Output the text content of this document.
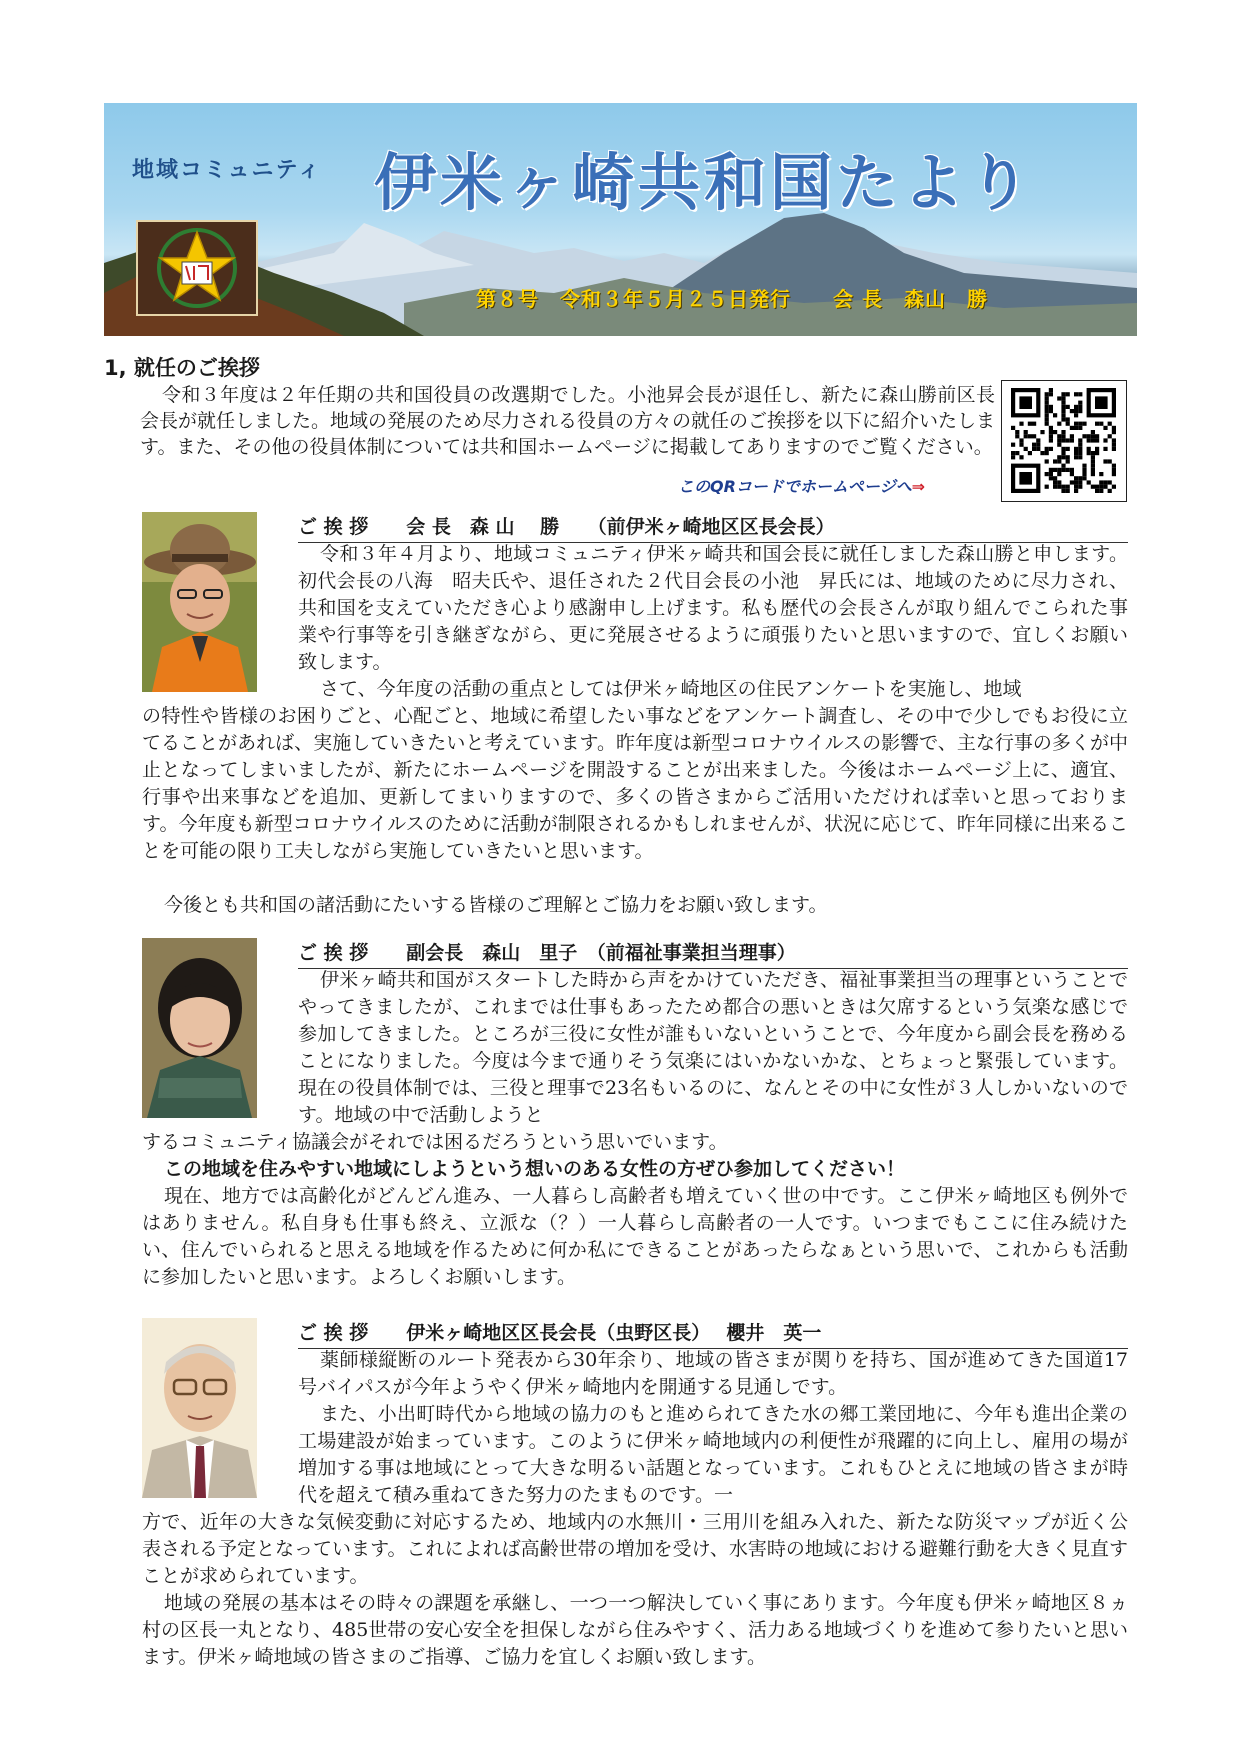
地域コミュニティ 伊米ヶ崎共和国たより
第８号　令和３年５月２５日発行　　会 長　森山　勝
1, 就任のご挨拶

令和３年度は２年任期の共和国役員の改選期でした。小池昇会長が退任し、新たに森山勝前区長会長が就任しました。地域の発展のため尽力される役員の方々の就任のご挨拶を以下に紹介いたします。また、その他の役員体制については共和国ホームページに掲載してありますのでご覧ください。

このQRコードでホームページへ⇒
ご 挨 拶　　会 長　森 山　 勝　　（前伊米ヶ崎地区区長会長）

令和３年４月より、地域コミュニティ伊米ヶ崎共和国会長に就任しました森山勝と申します。初代会長の八海　昭夫氏や、退任された２代目会長の小池　昇氏には、地域のために尽力され、共和国を支えていただき心より感謝申し上げます。私も歴代の会長さんが取り組んでこられた事業や行事等を引き継ぎながら、更に発展させるように頑張りたいと思いますので、宜しくお願い致します。

さて、今年度の活動の重点としては伊米ヶ崎地区の住民アンケートを実施し、地域

の特性や皆様のお困りごと、心配ごと、地域に希望したい事などをアンケート調査し、その中で少しでもお役に立てることがあれば、実施していきたいと考えています。昨年度は新型コロナウイルスの影響で、主な行事の多くが中止となってしまいましたが、新たにホームページを開設することが出来ました。今後はホームページ上に、適宜、行事や出来事などを追加、更新してまいりますので、多くの皆さまからご活用いただければ幸いと思っております。今年度も新型コロナウイルスのために活動が制限されるかもしれませんが、状況に応じて、昨年同様に出来ることを可能の限り工夫しながら実施していきたいと思います。

今後とも共和国の諸活動にたいする皆様のご理解とご協力をお願い致します。

ご 挨 拶　　副会長　森山　里子　（前福祉事業担当理事）

伊米ヶ崎共和国がスタートした時から声をかけていただき、福祉事業担当の理事ということでやってきましたが、これまでは仕事もあったため都合の悪いときは欠席するという気楽な感じで参加してきました。ところが三役に女性が誰もいないということで、今年度から副会長を務めることになりました。今度は今まで通りそう気楽にはいかないかな、とちょっと緊張しています。現在の役員体制では、三役と理事で23名もいるのに、なんとその中に女性が３人しかいないのです。地域の中で活動しようと

するコミュニティ協議会がそれでは困るだろうという思いでいます。

この地域を住みやすい地域にしようという想いのある女性の方ぜひ参加してください！

現在、地方では高齢化がどんどん進み、一人暮らし高齢者も増えていく世の中です。ここ伊米ヶ崎地区も例外ではありません。私自身も仕事も終え、立派な（？）一人暮らし高齢者の一人です。いつまでもここに住み続けたい、住んでいられると思える地域を作るために何か私にできることがあったらなぁという思いで、これからも活動に参加したいと思います。よろしくお願いします。

ご 挨 拶　　伊米ヶ崎地区区長会長（虫野区長）　 櫻井　英一

薬師様縦断のルート発表から30年余り、地域の皆さまが関りを持ち、国が進めてきた国道17号バイパスが今年ようやく伊米ヶ崎地内を開通する見通しです。

また、小出町時代から地域の協力のもと進められてきた水の郷工業団地に、今年も進出企業の工場建設が始まっています。このように伊米ヶ崎地域内の利便性が飛躍的に向上し、雇用の場が増加する事は地域にとって大きな明るい話題となっています。これもひとえに地域の皆さまが時代を超えて積み重ねてきた努力のたまものです。一

方で、近年の大きな気候変動に対応するため、地域内の水無川・三用川を組み入れた、新たな防災マップが近く公表される予定となっています。これによれば高齢世帯の増加を受け、水害時の地域における避難行動を大きく見直すことが求められています。

地域の発展の基本はその時々の課題を承継し、一つ一つ解決していく事にあります。今年度も伊米ヶ崎地区８ヵ村の区長一丸となり、485世帯の安心安全を担保しながら住みやすく、活力ある地域づくりを進めて参りたいと思います。伊米ヶ崎地域の皆さまのご指導、ご協力を宜しくお願い致します。
